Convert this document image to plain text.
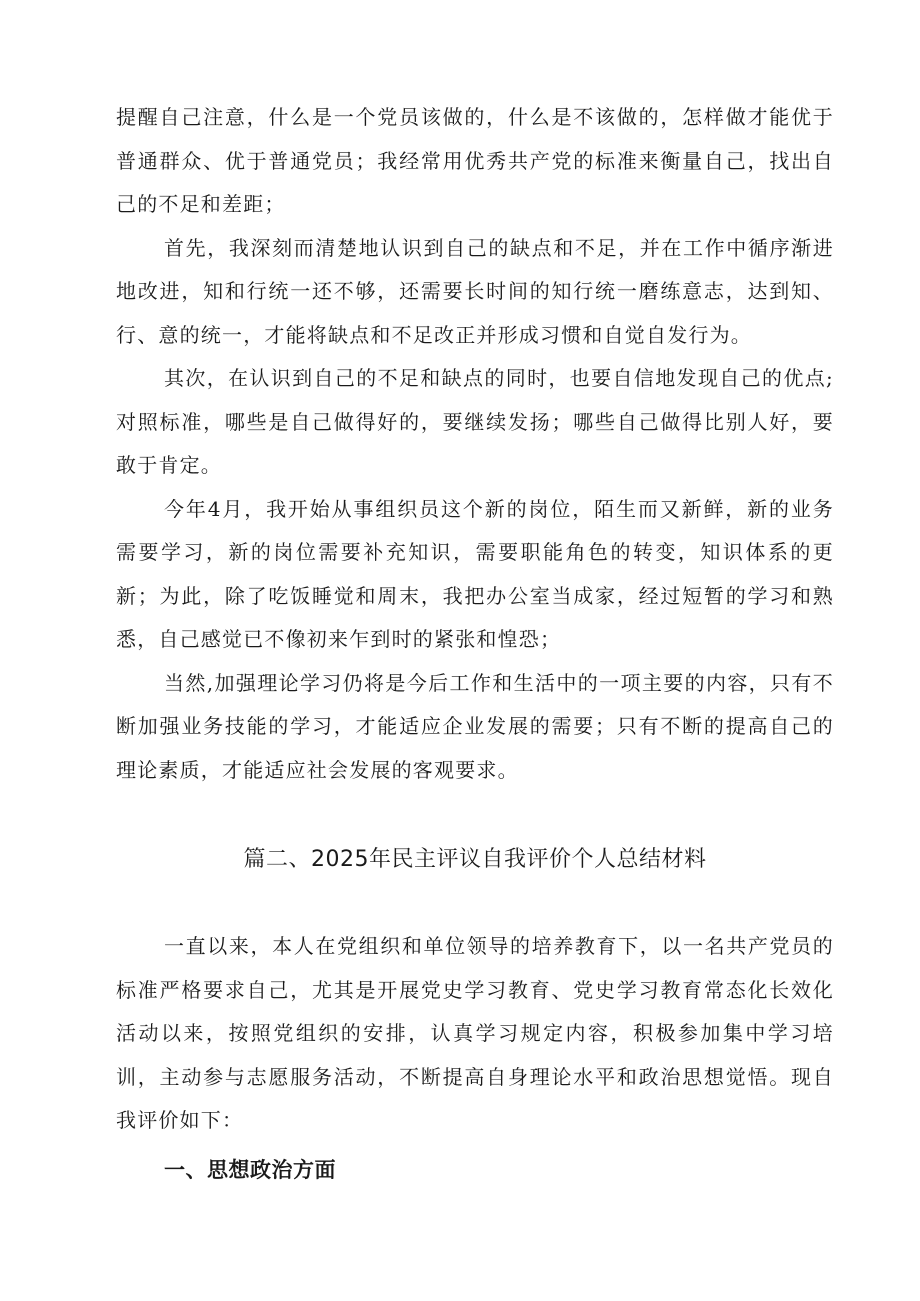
提醒自己注意，什么是一个党员该做的，什么是不该做的，怎样做才能优于普通群众、优于普通党员；我经常用优秀共产党的标准来衡量自己，找出自己的不足和差距；

首先，我深刻而清楚地认识到自己的缺点和不足，并在工作中循序渐进地改进，知和行统一还不够，还需要长时间的知行统一磨练意志，达到知、行、意的统一，才能将缺点和不足改正并形成习惯和自觉自发行为。

其次，在认识到自己的不足和缺点的同时，也要自信地发现自己的优点;对照标准，哪些是自己做得好的，要继续发扬；哪些自己做得比别人好，要敢于肯定。

今年4月，我开始从事组织员这个新的岗位，陌生而又新鲜，新的业务需要学习，新的岗位需要补充知识，需要职能角色的转变，知识体系的更新；为此，除了吃饭睡觉和周末，我把办公室当成家，经过短暂的学习和熟悉，自己感觉已不像初来乍到时的紧张和惶恐；

当然,加强理论学习仍将是今后工作和生活中的一项主要的内容，只有不断加强业务技能的学习，才能适应企业发展的需要；只有不断的提高自己的理论素质，才能适应社会发展的客观要求。

篇二、2025年民主评议自我评价个人总结材料

一直以来，本人在党组织和单位领导的培养教育下，以一名共产党员的标准严格要求自己，尤其是开展党史学习教育、党史学习教育常态化长效化活动以来，按照党组织的安排，认真学习规定内容，积极参加集中学习培训，主动参与志愿服务活动，不断提高自身理论水平和政治思想觉悟。现自我评价如下：

一、思想政治方面
